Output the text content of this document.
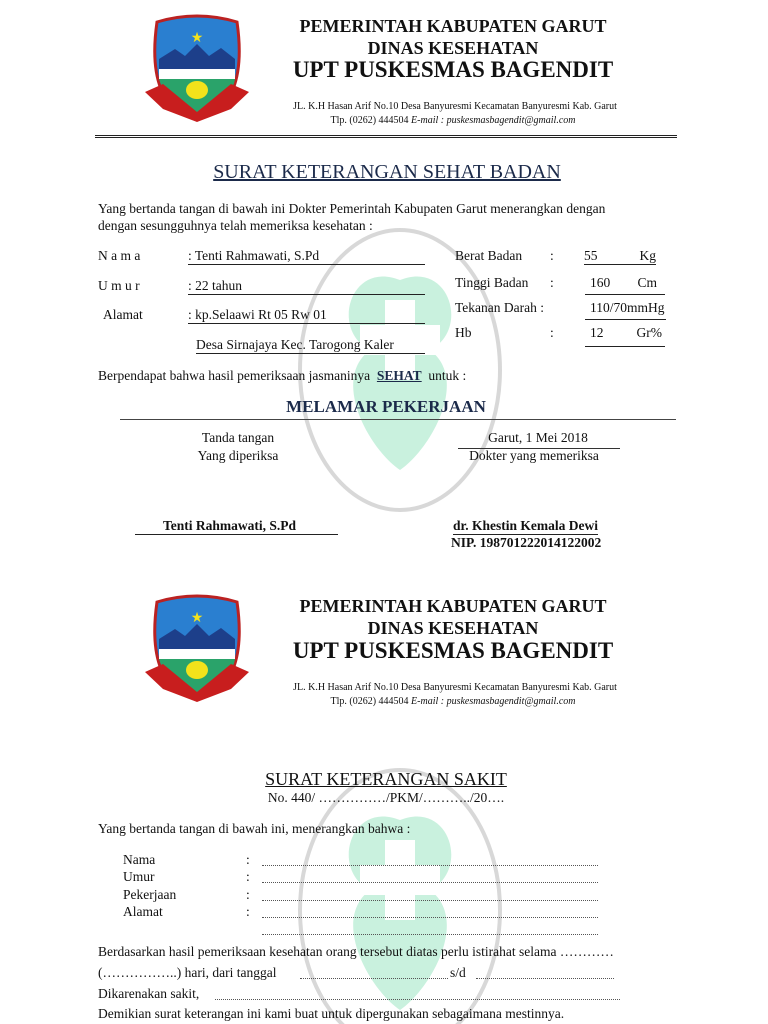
★
PEMERINTAH KABUPATEN GARUT
DINAS KESEHATAN
UPT PUSKESMAS BAGENDIT
JL. K.H Hasan Arif No.10 Desa Banyuresmi Kecamatan Banyuresmi Kab. Garut
Tlp. (0262) 444504 E-mail : puskesmasbagendit@gmail.com
SURAT KETERANGAN SEHAT BADAN
Yang bertanda tangan di bawah ini Dokter Pemerintah Kabupaten Garut menerangkan dengan
dengan sesungguhnya telah memeriksa kesehatan :
N a m a	: Tenti Rahmawati, S.Pd
U m u r	: 22 tahun
Alamat	: kp.Selaawi Rt 05 Rw 01
Desa Sirnajaya Kec. Tarogong Kaler
Berat Badan : 55	Kg
Tinggi Badan :	160 Cm
Tekanan Darah :	110/70mmHg
Hb	:	12 Gr%
Berpendapat bahwa hasil pemeriksaan jasmaninya SEHAT untuk :
MELAMAR PEKERJAAN
Tanda tangan
Yang diperiksa
Garut, 1 Mei 2018
Dokter yang memeriksa
Tenti Rahmawati, S.Pd	dr. Khestin Kemala Dewi
NIP. 198701222014122002
★
PEMERINTAH KABUPATEN GARUT
DINAS KESEHATAN
UPT PUSKESMAS BAGENDIT
JL. K.H Hasan Arif No.10 Desa Banyuresmi Kecamatan Banyuresmi Kab. Garut
Tlp. (0262) 444504 E-mail : puskesmasbagendit@gmail.com
SURAT KETERANGAN SAKIT
No. 440/ ……………/PKM/………../20….
Yang bertanda tangan di bawah ini, menerangkan bahwa :
Nama	:
Umur	:
Pekerjaan	:
Alamat	:
Berdasarkan hasil pemeriksaan kesehatan orang tersebut diatas perlu istirahat selama …………
(……………..) hari, dari tanggal	s/d
Dikarenakan sakit,
Demikian surat keterangan ini kami buat untuk dipergunakan sebagaimana mestinnya.
